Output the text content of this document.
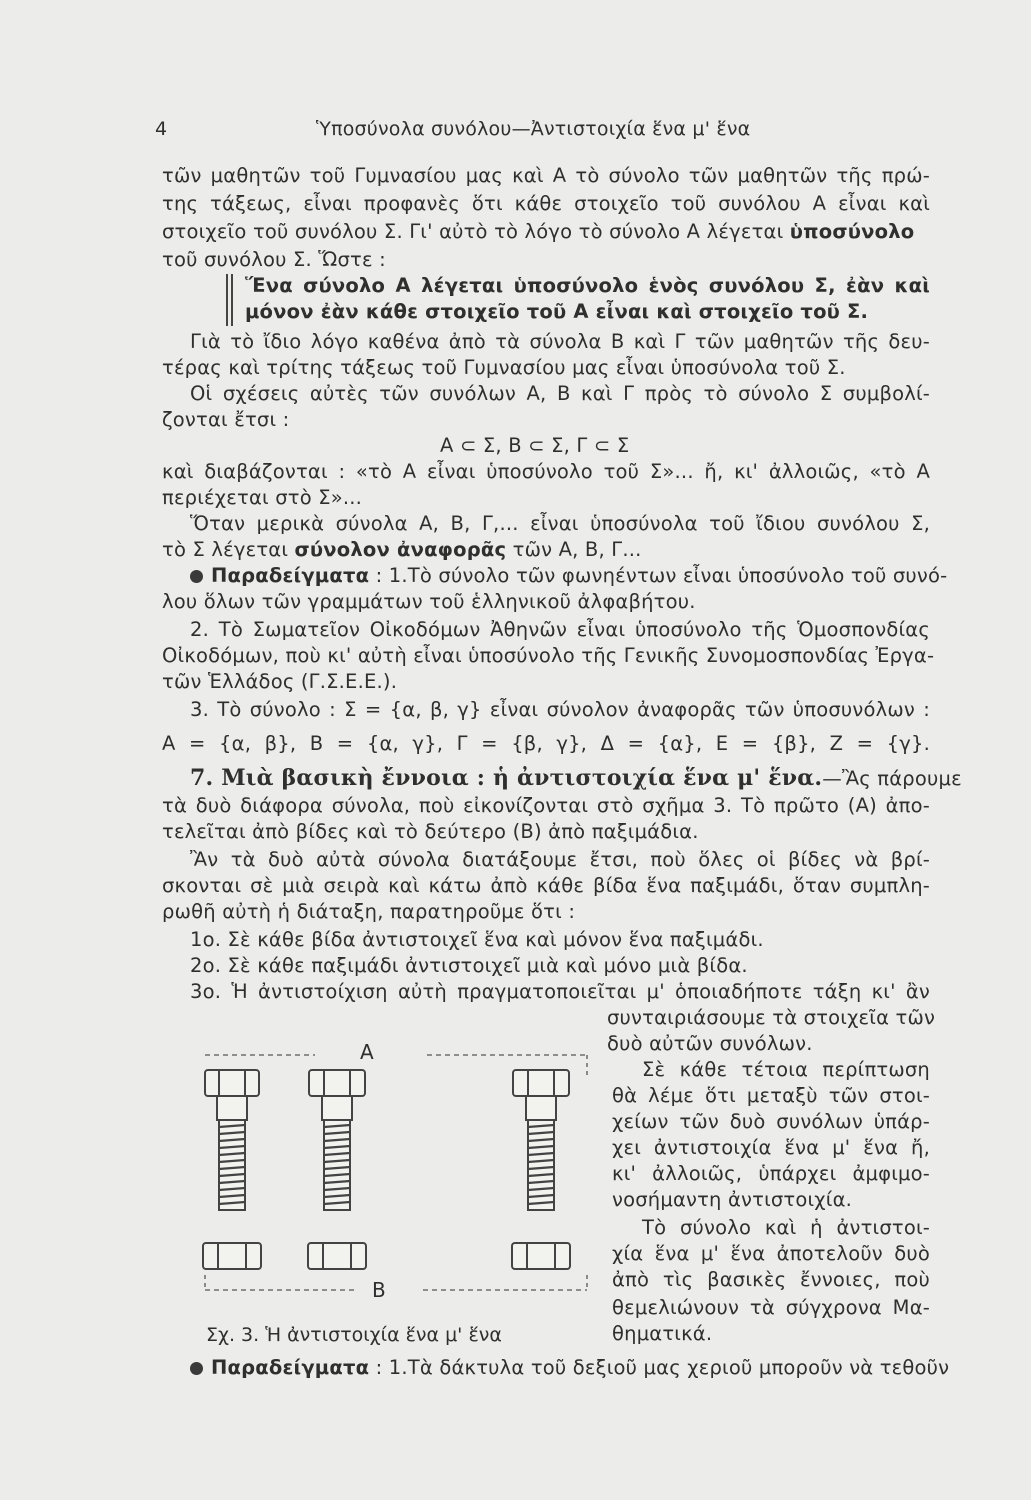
4	Ὑποσύνολα συνόλου—Ἀντιστοιχία ἕνα μ' ἕνα
τῶν μαθητῶν τοῦ Γυμνασίου μας καὶ Α τὸ σύνολο τῶν μαθητῶν τῆς πρώ-
της τάξεως, εἶναι προφανὲς ὅτι κάθε στοιχεῖο τοῦ συνόλου Α εἶναι καὶ
στοιχεῖο τοῦ συνόλου Σ. Γι' αὐτὸ τὸ λόγο τὸ σύνολο Α λέγεται ὑποσύνολο
τοῦ συνόλου Σ. Ὥστε :
Ἕνα σύνολο Α λέγεται ὑποσύνολο ἑνὸς συνόλου Σ, ἐὰν καὶ
μόνον ἐὰν κάθε στοιχεῖο τοῦ Α εἶναι καὶ στοιχεῖο τοῦ Σ.
Γιὰ τὸ ἴδιο λόγο καθένα ἀπὸ τὰ σύνολα Β καὶ Γ τῶν μαθητῶν τῆς δευ-
τέρας καὶ τρίτης τάξεως τοῦ Γυμνασίου μας εἶναι ὑποσύνολα τοῦ Σ.
Οἱ σχέσεις αὐτὲς τῶν συνόλων Α, Β καὶ Γ πρὸς τὸ σύνολο Σ συμβολί-
ζονται ἔτσι :
Α ⊂ Σ, Β ⊂ Σ, Γ ⊂ Σ
καὶ διαβάζονται : «τὸ Α εἶναι ὑποσύνολο τοῦ Σ»... ἤ, κι' ἀλλοιῶς, «τὸ Α
περιέχεται στὸ Σ»...
Ὅταν μερικὰ σύνολα Α, Β, Γ,... εἶναι ὑποσύνολα τοῦ ἴδιου συνόλου Σ,
τὸ Σ λέγεται σύνολον ἀναφορᾶς τῶν Α, Β, Γ...
Παραδείγματα : 1.Τὸ σύνολο τῶν φωνηέντων εἶναι ὑποσύνολο τοῦ συνό-
λου ὅλων τῶν γραμμάτων τοῦ ἑλληνικοῦ ἀλφαβήτου.
2. Τὸ Σωματεῖον Οἰκοδόμων Ἀθηνῶν εἶναι ὑποσύνολο τῆς Ὁμοσπονδίας
Οἰκοδόμων, ποὺ κι' αὐτὴ εἶναι ὑποσύνολο τῆς Γενικῆς Συνομοσπονδίας Ἐργα-
τῶν Ἑλλάδος (Γ.Σ.Ε.Ε.).
3. Τὸ σύνολο : Σ = {α, β, γ} εἶναι σύνολον ἀναφορᾶς τῶν ὑποσυνόλων :
Α = {α, β}, Β = {α, γ}, Γ = {β, γ}, Δ = {α}, Ε = {β}, Ζ = {γ}.
7. Μιὰ βασικὴ ἔννοια : ἡ ἀντιστοιχία ἕνα μ' ἕνα.—Ἂς πάρουμε
τὰ δυὸ διάφορα σύνολα, ποὺ εἰκονίζονται στὸ σχῆμα 3. Τὸ πρῶτο (Α) ἀπο-
τελεῖται ἀπὸ βίδες καὶ τὸ δεύτερο (Β) ἀπὸ παξιμάδια.
Ἂν τὰ δυὸ αὐτὰ σύνολα διατάξουμε ἔτσι, ποὺ ὅλες οἱ βίδες νὰ βρί-
σκονται σὲ μιὰ σειρὰ καὶ κάτω ἀπὸ κάθε βίδα ἕνα παξιμάδι, ὅταν συμπλη-
ρωθῆ αὐτὴ ἡ διάταξη, παρατηροῦμε ὅτι :
1ο. Σὲ κάθε βίδα ἀντιστοιχεῖ ἕνα καὶ μόνον ἕνα παξιμάδι.
2ο. Σὲ κάθε παξιμάδι ἀντιστοιχεῖ μιὰ καὶ μόνο μιὰ βίδα.
3ο. Ἡ ἀντιστοίχιση αὐτὴ πραγματοποιεῖται μ' ὁποιαδήποτε τάξη κι' ἂν
συνταιριάσουμε τὰ στοιχεῖα τῶν
δυὸ αὐτῶν συνόλων.
Σὲ κάθε τέτοια περίπτωση
θὰ λέμε ὅτι μεταξὺ τῶν στοι-
χείων τῶν δυὸ συνόλων ὑπάρ-
χει ἀντιστοιχία ἕνα μ' ἕνα ἤ,
κι' ἀλλοιῶς, ὑπάρχει ἀμφιμο-
νοσήμαντη ἀντιστοιχία.
Τὸ σύνολο καὶ ἡ ἀντιστοι-
χία ἕνα μ' ἕνα ἀποτελοῦν δυὸ
ἀπὸ τὶς βασικὲς ἔννοιες, ποὺ
θεμελιώνουν τὰ σύγχρονα Μα-
θηματικά.
Α
Β
Σχ. 3. Ἡ ἀντιστοιχία ἕνα μ' ἕνα
Παραδείγματα : 1.Τὰ δάκτυλα τοῦ δεξιοῦ μας χεριοῦ μποροῦν νὰ τεθοῦν
